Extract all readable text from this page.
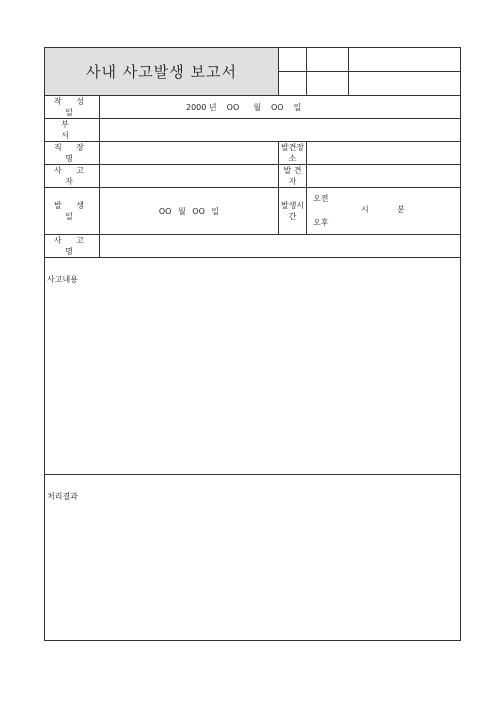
사내 사고발생 보고서				

작 성 일	2000 년 OO 월 OO 일			
부 서				
직 장 명		발견장소		
사 고 자		발 견 자		
발 생 일	OO 월 OO 일	발생시간	오전
오후
시 분	

사 고 명				

사고내용				

처리결과				
